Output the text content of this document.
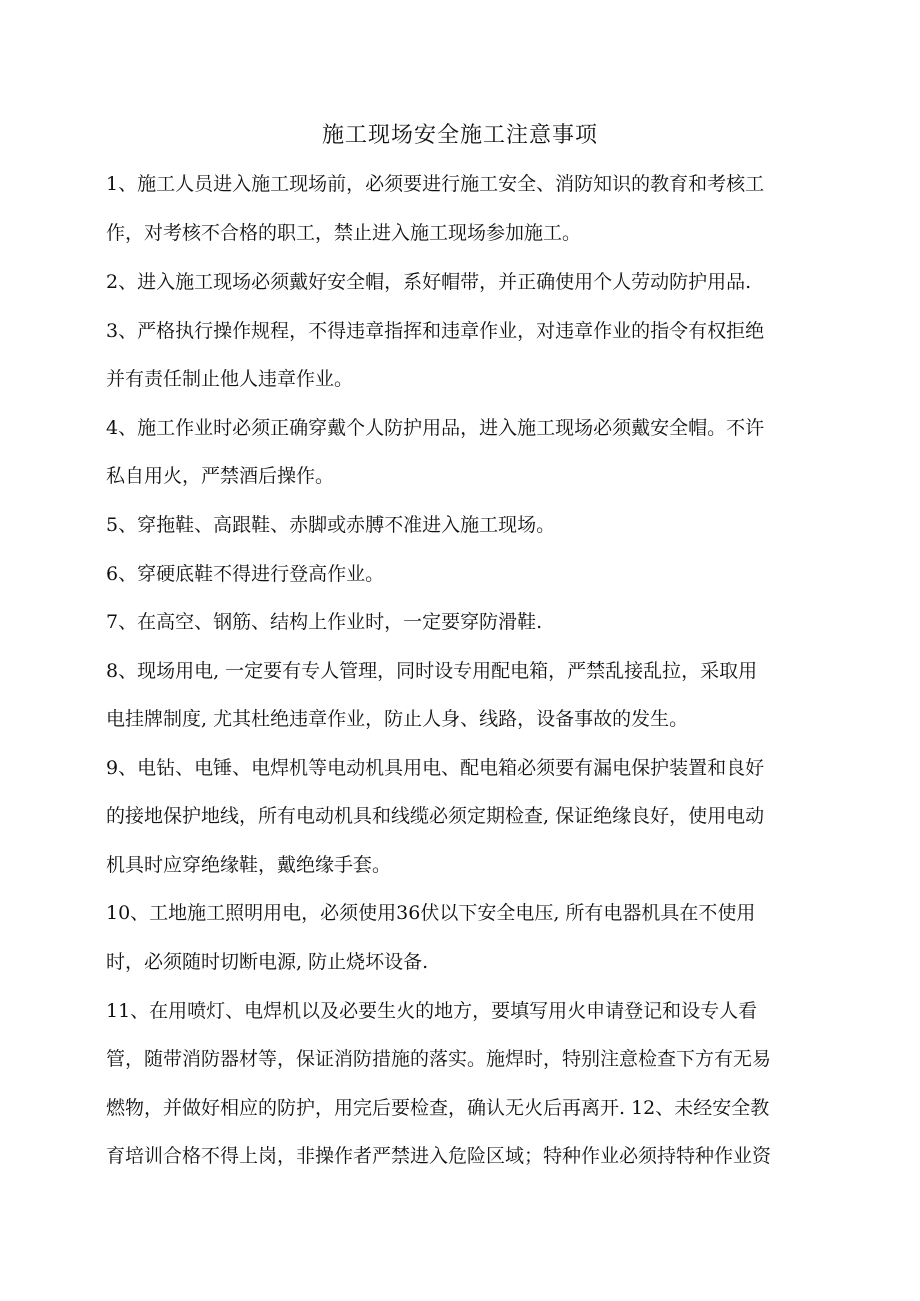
施工现场安全施工注意事项

1、施工人员进入施工现场前，必须要进行施工安全、消防知识的教育和考核工

作，对考核不合格的职工，禁止进入施工现场参加施工。

2、进入施工现场必须戴好安全帽，系好帽带，并正确使用个人劳动防护用品.

3、严格执行操作规程，不得违章指挥和违章作业，对违章作业的指令有权拒绝

并有责任制止他人违章作业。

4、施工作业时必须正确穿戴个人防护用品，进入施工现场必须戴安全帽。不许

私自用火，严禁酒后操作。

5、穿拖鞋、高跟鞋、赤脚或赤膊不准进入施工现场。

6、穿硬底鞋不得进行登高作业。

7、在高空、钢筋、结构上作业时，一定要穿防滑鞋.

8、现场用电, 一定要有专人管理，同时设专用配电箱，严禁乱接乱拉，采取用

电挂牌制度, 尤其杜绝违章作业，防止人身、线路，设备事故的发生。

9、电钻、电锤、电焊机等电动机具用电、配电箱必须要有漏电保护装置和良好

的接地保护地线，所有电动机具和线缆必须定期检查, 保证绝缘良好，使用电动

机具时应穿绝缘鞋，戴绝缘手套。

10、工地施工照明用电，必须使用36伏以下安全电压, 所有电器机具在不使用

时，必须随时切断电源, 防止烧坏设备.

11、在用喷灯、电焊机以及必要生火的地方，要填写用火申请登记和设专人看

管，随带消防器材等，保证消防措施的落实。施焊时，特别注意检查下方有无易

燃物，并做好相应的防护，用完后要检查，确认无火后再离开. 12、未经安全教

育培训合格不得上岗，非操作者严禁进入危险区域；特种作业必须持特种作业资
